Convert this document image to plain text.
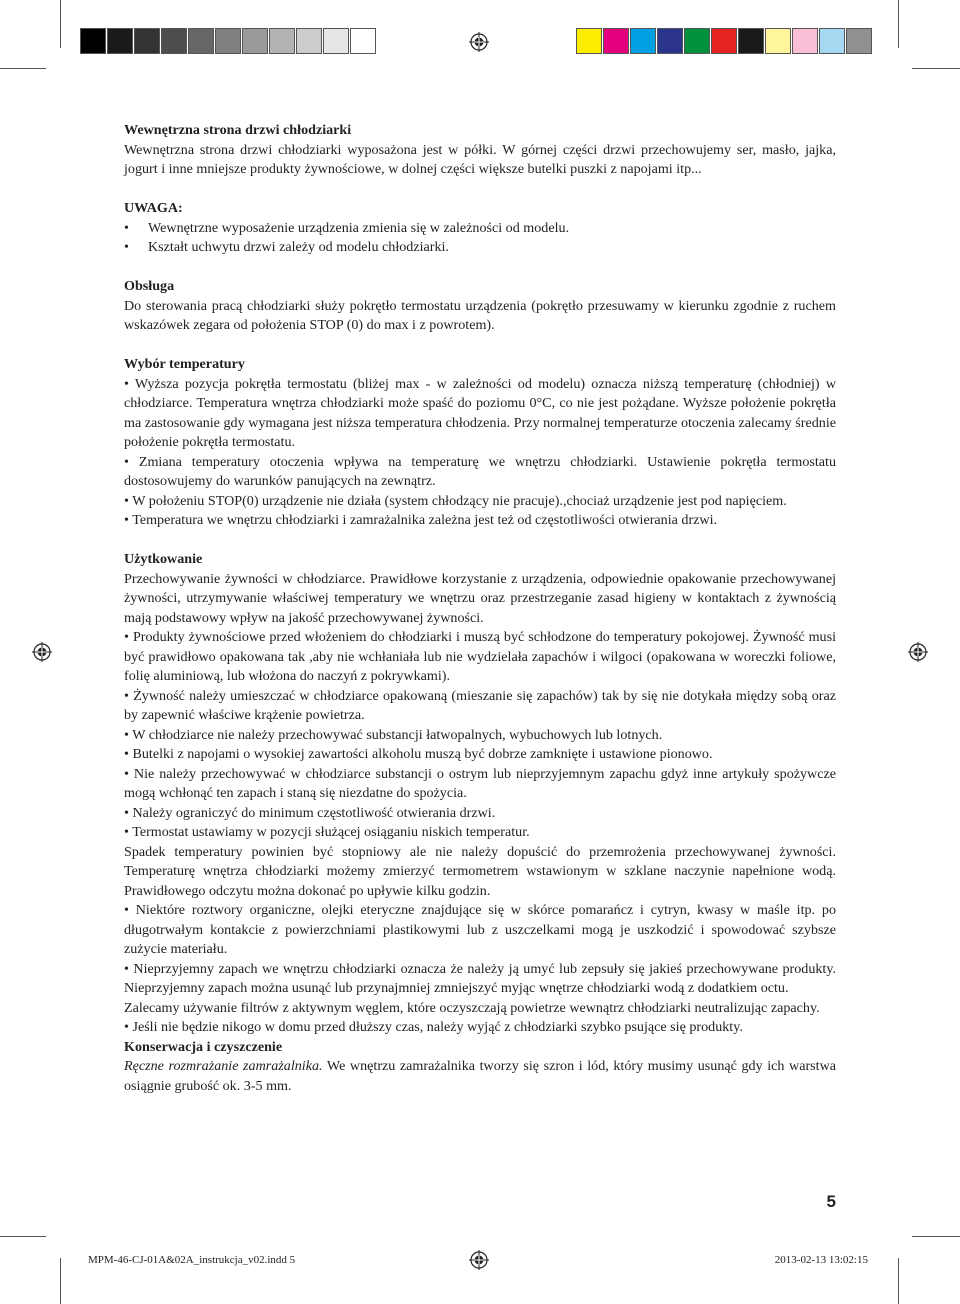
Wewnętrzna strona drzwi chłodziarki

Wewnętrzna strona drzwi chłodziarki wyposażona jest w półki. W górnej części drzwi przechowujemy ser, masło, jajka, jogurt i inne mniejsze produkty żywnościowe, w dolnej części większe butelki puszki z napojami itp...

UWAGA:

•	Wewnętrzne wyposażenie urządzenia zmienia się w zależności od modelu.
•	Kształt uchwytu drzwi zależy od modelu chłodziarki.

Obsługa

Do sterowania pracą chłodziarki służy pokrętło termostatu urządzenia (pokrętło przesuwamy w kierunku zgodnie z ruchem wskazówek zegara od położenia STOP (0) do max i z powrotem).

Wybór temperatury

• Wyższa pozycja pokrętła termostatu (bliżej max - w zależności od modelu) oznacza niższą temperaturę (chłodniej) w chłodziarce. Temperatura wnętrza chłodziarki może spaść do poziomu 0°C, co nie jest pożądane. Wyższe położenie pokrętła ma zastosowanie gdy wymagana jest niższa temperatura chłodzenia. Przy normalnej temperaturze otoczenia zalecamy średnie położenie pokrętła termostatu.

• Zmiana temperatury otoczenia wpływa na temperaturę we wnętrzu chłodziarki. Ustawienie pokrętła termostatu dostosowujemy do warunków panujących na zewnątrz.

• W położeniu STOP(0) urządzenie nie działa (system chłodzący nie pracuje).,chociaż urządzenie jest pod napięciem.

• Temperatura we wnętrzu chłodziarki i zamrażalnika zależna jest też od częstotliwości otwierania drzwi.

Użytkowanie

Przechowywanie żywności w chłodziarce. Prawidłowe korzystanie z urządzenia, odpowiednie opakowanie przechowywanej żywności, utrzymywanie właściwej temperatury we wnętrzu oraz przestrzeganie zasad higieny w kontaktach z żywnością mają podstawowy wpływ na jakość przechowywanej żywności.

• Produkty żywnościowe przed włożeniem do chłodziarki i muszą być schłodzone do temperatury pokojowej. Żywność musi być prawidłowo opakowana tak ,aby nie wchłaniała lub nie wydzielała zapachów i wilgoci (opakowana w woreczki foliowe, folię aluminiową, lub włożona do naczyń z pokrywkami).

• Żywność należy umieszczać w chłodziarce opakowaną (mieszanie się zapachów) tak by się nie dotykała między sobą oraz by zapewnić właściwe krążenie powietrza.

• W chłodziarce nie należy przechowywać substancji łatwopalnych, wybuchowych lub lotnych.

• Butelki z napojami o wysokiej zawartości alkoholu muszą być dobrze zamknięte i ustawione pionowo.

• Nie należy przechowywać w chłodziarce substancji o ostrym lub nieprzyjemnym zapachu gdyż inne artykuły spożywcze mogą wchłonąć ten zapach i staną się niezdatne do spożycia.

• Należy ograniczyć do minimum częstotliwość otwierania drzwi.

• Termostat ustawiamy w pozycji służącej osiąganiu niskich temperatur.

Spadek temperatury powinien być stopniowy ale nie należy dopuścić do przemrożenia przechowywanej żywności. Temperaturę wnętrza chłodziarki możemy zmierzyć termometrem wstawionym w szklane naczynie napełnione wodą. Prawidłowego odczytu można dokonać po upływie kilku godzin.

• Niektóre roztwory organiczne, olejki eteryczne znajdujące się w skórce pomarańcz i cytryn, kwasy w maśle itp. po długotrwałym kontakcie z powierzchniami plastikowymi lub z uszczelkami mogą je uszkodzić i spowodować szybsze zużycie materiału.

• Nieprzyjemny zapach we wnętrzu chłodziarki oznacza że należy ją umyć lub zepsuły się jakieś przechowywane produkty. Nieprzyjemny zapach można usunąć lub przynajmniej zmniejszyć myjąc wnętrze chłodziarki wodą z dodatkiem octu.

Zalecamy używanie filtrów z aktywnym węglem, które oczyszczają powietrze wewnątrz chłodziarki neutralizując zapachy.

• Jeśli nie będzie nikogo w domu przed dłuższy czas, należy wyjąć z chłodziarki szybko psujące się produkty.

Konserwacja i czyszczenie

Ręczne rozmrażanie zamrażalnika. We wnętrzu zamrażalnika tworzy się szron i lód, który musimy usunąć gdy ich warstwa osiągnie grubość ok. 3-5 mm.

5
MPM-46-CJ-01A&02A_instrukcja_v02.indd 5	2013-02-13 13:02:15
